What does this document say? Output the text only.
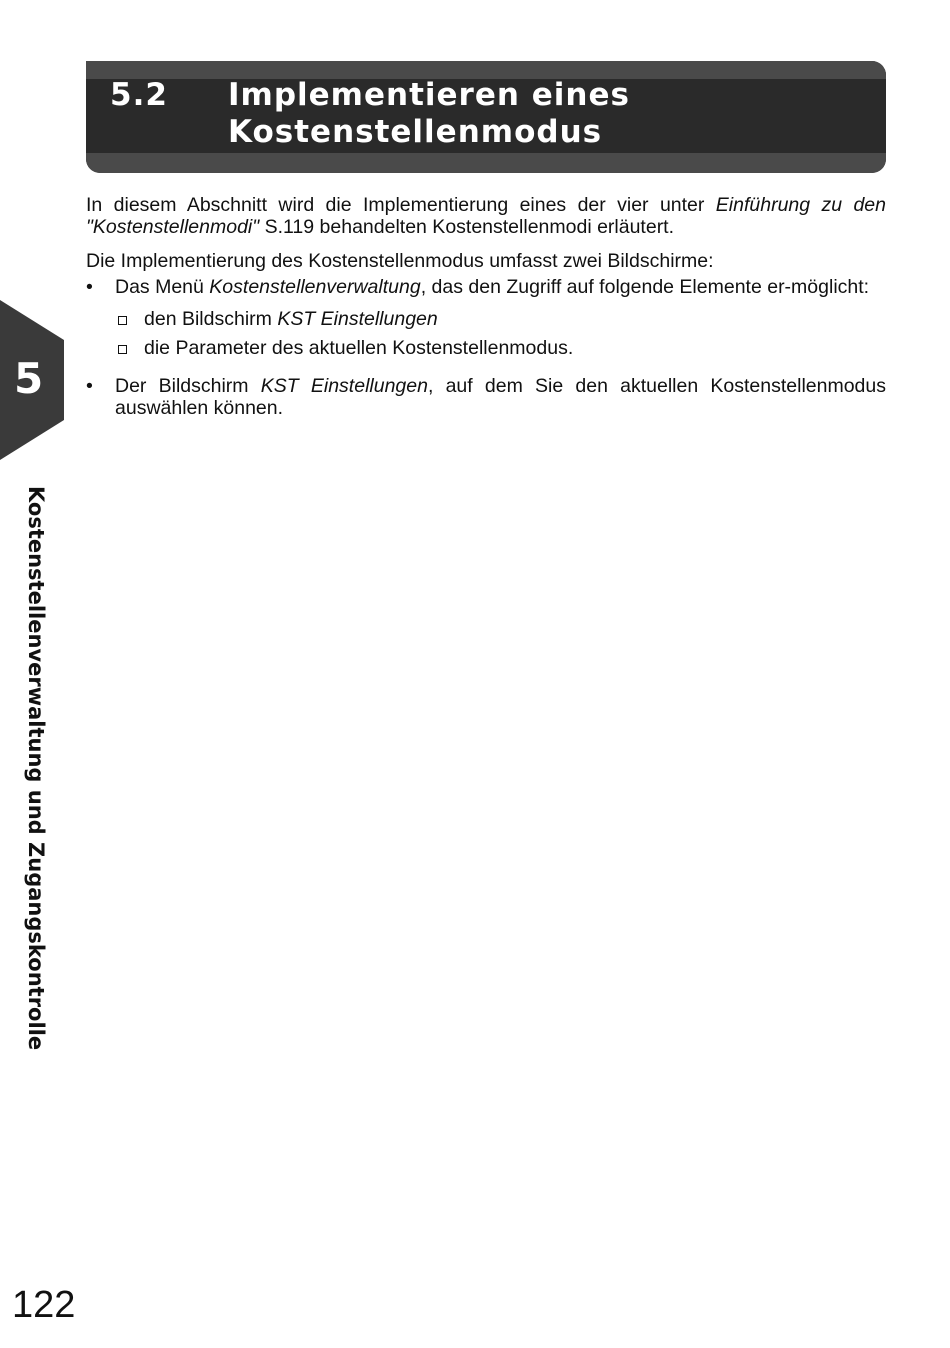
5.2 Implementieren eines
Kostenstellenmodus
5
Kostenstellenverwaltung und Zugangskontrolle

In diesem Abschnitt wird die Implementierung eines der vier unter Einführung zu den "Kostenstellenmodi" S.119 behandelten Kostenstellenmodi erläutert.

Die Implementierung des Kostenstellenmodus umfasst zwei Bildschirme:

• Das Menü Kostenstellenverwaltung, das den Zugriff auf folgende Elemente er-möglicht:
den Bildschirm KST Einstellungen
die Parameter des aktuellen Kostenstellenmodus.
• Der Bildschirm KST Einstellungen, auf dem Sie den aktuellen Kostenstellenmodus auswählen können.
122
